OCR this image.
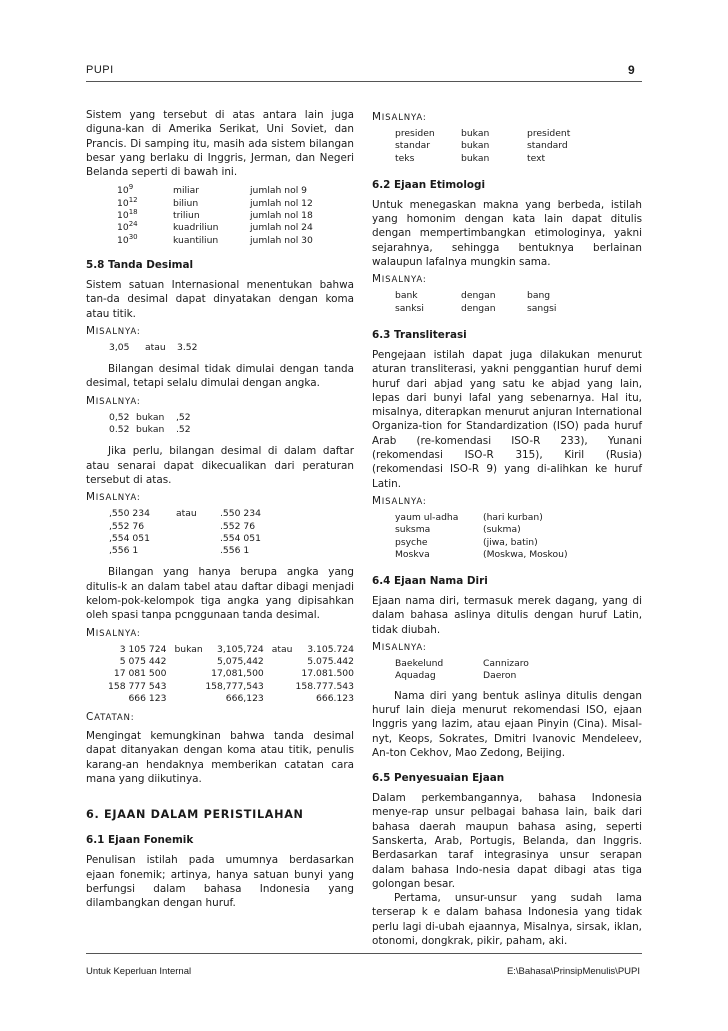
PUPI	9

Sistem yang tersebut di atas antara lain juga diguna-kan di Amerika Serikat, Uni Soviet, dan Prancis. Di samping itu, masih ada sistem bilangan besar yang berlaku di Inggris, Jerman, dan Negeri Belanda seperti di bawah ini.

$10^9$	miliar	jumlah nol 9
$10^{12}$	biliun	jumlah nol 12
$10^{18}$	triliun	jumlah nol 18
$10^{24}$	kuadriliun	jumlah nol 24
$10^{30}$	kuantiliun	jumlah nol 30
5.8 Tanda Desimal

Sistem satuan Internasional menentukan bahwa tan-da desimal dapat dinyatakan dengan koma atau titik.

MISALNYA:
3,05	atau	3.52

Bilangan desimal tidak dimulai dengan tanda desimal, tetapi selalu dimulai dengan angka.

MISALNYA:
0,52	bukan	,52
0.52	bukan	.52

Jika perlu, bilangan desimal di dalam daftar atau senarai dapat dikecualikan dari peraturan tersebut di atas.

MISALNYA:
,550 234	atau	.550 234
,552 76		.552 76
,554 051		.554 051
,556 1		.556 1

Bilangan yang hanya berupa angka yang ditulis-k an dalam tabel atau daftar dibagi menjadi kelom-pok-kelompok tiga angka yang dipisahkan oleh spasi tanpa pcnggunaan tanda desimal.

MISALNYA:
3 105 724	bukan	3,105,724	atau	3.105.724
5 075 442		5,075,442		5.075.442
17 081 500		17,081,500		17.081.500
158 777 543		158,777,543		158.777.543
666 123		666,123		666.123
CATATAN:

Mengingat kemungkinan bahwa tanda desimal dapat ditanyakan dengan koma atau titik, penulis karang-an hendaknya memberikan catatan cara mana yang diikutinya.

6. EJAAN DALAM PERISTILAHAN
6.1 Ejaan Fonemik

Penulisan istilah pada umumnya berdasarkan ejaan fonemik; artinya, hanya satuan bunyi yang berfungsi dalam bahasa Indonesia yang dilambangkan dengan huruf.

MISALNYA:
presiden	bukan	president
standar	bukan	standard
teks	bukan	text
6.2 Ejaan Etimologi

Untuk menegaskan makna yang berbeda, istilah yang homonim dengan kata lain dapat ditulis dengan mempertimbangkan etimologinya, yakni sejarahnya, sehingga bentuknya berlainan walaupun lafalnya mungkin sama.

MISALNYA:
bank	dengan	bang
sanksi	dengan	sangsi
6.3 Transliterasi

Pengejaan istilah dapat juga dilakukan menurut aturan transliterasi, yakni penggantian huruf demi huruf dari abjad yang satu ke abjad yang lain, lepas dari bunyi lafal yang sebenarnya. Hal itu, misalnya, diterapkan menurut anjuran International Organiza-tion for Standardization (ISO) pada huruf Arab (re-komendasi ISO-R 233), Yunani (rekomendasi ISO-R 315), Kiril (Rusia) (rekomendasi ISO-R 9) yang di-alihkan ke huruf Latin.

MISALNYA:
yaum ul-adha	(hari kurban)
suksma	(sukma)
psyche	(jiwa, batin)
Moskva	(Moskwa, Moskou)
6.4 Ejaan Nama Diri

Ejaan nama diri, termasuk merek dagang, yang di dalam bahasa aslinya ditulis dengan huruf Latin, tidak diubah.

MISALNYA:
Baekelund	Cannizaro
Aquadag	Daeron

Nama diri yang bentuk aslinya ditulis dengan huruf lain dieja menurut rekomendasi ISO, ejaan Inggris yang lazim, atau ejaan Pinyin (Cina). Misal-nyt, Keops, Sokrates, Dmitri Ivanovic Mendeleev, An-ton Cekhov, Mao Zedong, Beijing.

6.5 Penyesuaian Ejaan

Dalam perkembangannya, bahasa Indonesia menye-rap unsur pelbagai bahasa lain, baik dari bahasa daerah maupun bahasa asing, seperti Sanskerta, Arab, Portugis, Belanda, dan Inggris. Berdasarkan taraf integrasinya unsur serapan dalam bahasa Indo-nesia dapat dibagi atas tiga golongan besar.

Pertama, unsur-unsur yang sudah lama terserap k e dalam bahasa Indonesia yang tidak perlu lagi di-ubah ejaannya, Misalnya, sirsak, iklan, otonomi, dongkrak, pikir, paham, aki.

Untuk Keperluan Internal	E:\Bahasa\PrinsipMenulis\PUPI
